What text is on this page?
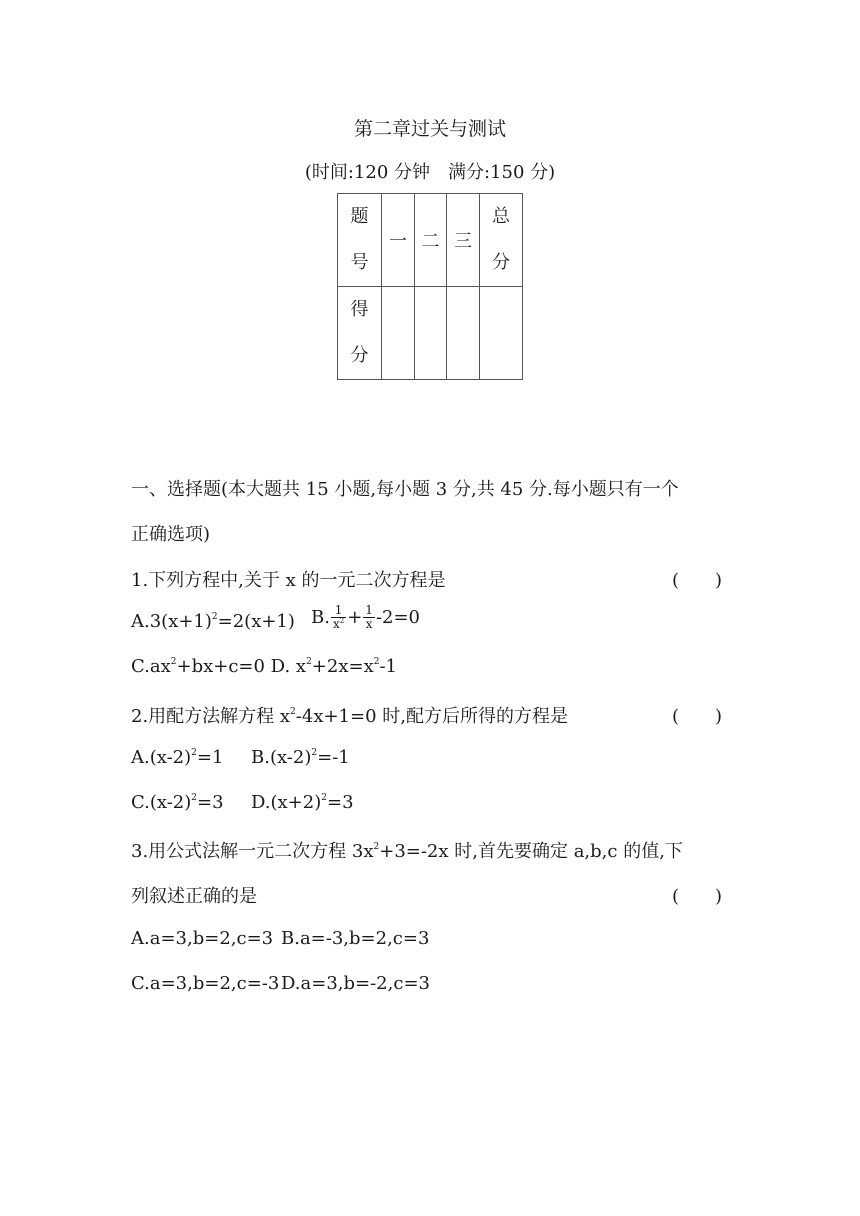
第二章过关与测试
(时间:120 分钟　满分:150 分)
题号	一	二	三	总分
得分				
一、选择题(本大题共 15 小题,每小题 3 分,共 45 分.每小题只有一个
正确选项)
1.下列方程中,关于 x 的一元二次方程是	(　　)
$A.3(x+1)^2=2(x+1)$ B. $\frac{1}{x^2} + \frac{1}{x} -2=0$
$C.ax^2+bx+c=0$ D. $x^2+2x=x^2-1$
2.用配方法解方程 $x^2-4x+1=0$ 时,配方后所得的方程是	(　　)
$A.(x-2)^2=1$ $B.(x-2)^2=-1$
$C.(x-2)^2=3$ $D.(x+2)^2=3$
3.用公式法解一元二次方程 $3x^2+3=-2x$ 时,首先要确定 a,b,c 的值,下
列叙述正确的是	(　　)
A.a=3,b=2,c=3 B.a=-3,b=2,c=3
C.a=3,b=2,c=-3 D.a=3,b=-2,c=3
